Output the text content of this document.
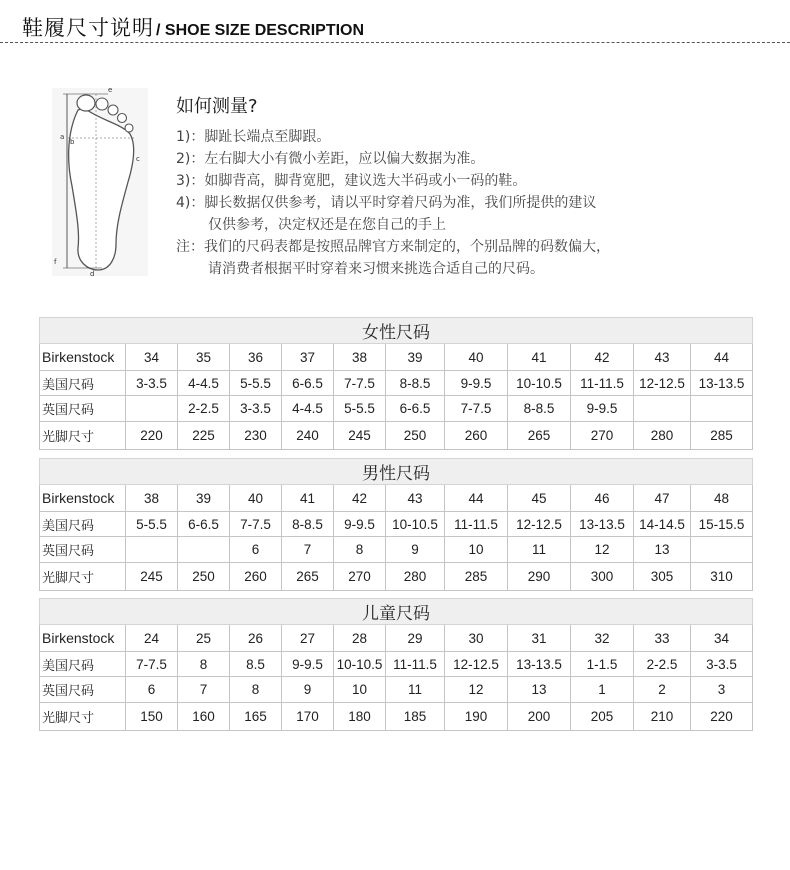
鞋履尺寸说明 / SHOE SIZE DESCRIPTION
e
b
c
a
d
f
如何测量?
1)：脚趾长端点至脚跟。
2)：左右脚大小有微小差距，应以偏大数据为准。
3)：如脚背高，脚背宽肥，建议选大半码或小一码的鞋。
4)：脚长数据仅供参考，请以平时穿着尺码为准，我们所提供的建议
仅供参考，决定权还是在您自己的手上
注：我们的尺码表都是按照品牌官方来制定的，个别品牌的码数偏大，
请消费者根据平时穿着来习惯来挑选合适自己的尺码。
女性尺码											
Birkenstock	34	35	36	37	38	39	40	41	42	43	44
美国尺码	3-3.5	4-4.5	5-5.5	6-6.5	7-7.5	8-8.5	9-9.5	10-10.5	11-11.5	12-12.5	13-13.5
英国尺码		2-2.5	3-3.5	4-4.5	5-5.5	6-6.5	7-7.5	8-8.5	9-9.5		
光脚尺寸	220	225	230	240	245	250	260	265	270	280	285
男性尺码											
Birkenstock	38	39	40	41	42	43	44	45	46	47	48
美国尺码	5-5.5	6-6.5	7-7.5	8-8.5	9-9.5	10-10.5	11-11.5	12-12.5	13-13.5	14-14.5	15-15.5
英国尺码			6	7	8	9	10	11	12	13	
光脚尺寸	245	250	260	265	270	280	285	290	300	305	310
儿童尺码											
Birkenstock	24	25	26	27	28	29	30	31	32	33	34
美国尺码	7-7.5	8	8.5	9-9.5	10-10.5	11-11.5	12-12.5	13-13.5	1-1.5	2-2.5	3-3.5
英国尺码	6	7	8	9	10	11	12	13	1	2	3
光脚尺寸	150	160	165	170	180	185	190	200	205	210	220
